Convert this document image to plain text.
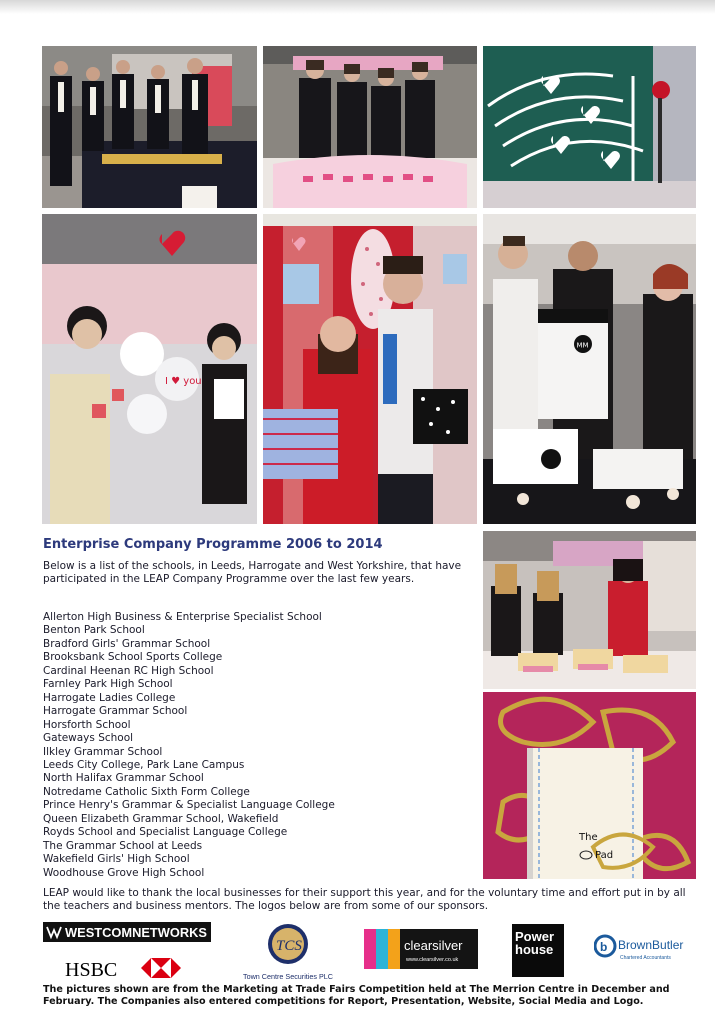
I ♥ you
MM
The
Pad
Enterprise Company Programme 2006 to 2014
Below is a list of the schools, in Leeds, Harrogate and West Yorkshire, that have participated in the LEAP Company Programme over the last few years.
Allerton High Business & Enterprise Specialist School
Benton Park School
Bradford Girls' Grammar School
Brooksbank School Sports College
Cardinal Heenan RC High School
Farnley Park High School
Harrogate Ladies College
Harrogate Grammar School
Horsforth School
Gateways School
Ilkley Grammar School
Leeds City College, Park Lane Campus
North Halifax Grammar School
Notredame Catholic Sixth Form College
Prince Henry's Grammar & Specialist Language College
Queen Elizabeth Grammar School, Wakefield
Royds School and Specialist Language College
The Grammar School at Leeds
Wakefield Girls' High School
Woodhouse Grove High School
LEAP would like to thank the local businesses for their support this year, and for the voluntary time and effort put in by all the teachers and business mentors. The logos below are from some of our sponsors.
WESTCOMNETWORKS
TCS
Town Centre Securities PLC
clearsilver
www.clearsilver.co.uk
Power
house	b BrownButler
Chartered Accountants
HSBC
The pictures shown are from the Marketing at Trade Fairs Competition held at The Merrion Centre in December and February. The Companies also entered competitions for Report, Presentation, Website, Social Media and Logo.
